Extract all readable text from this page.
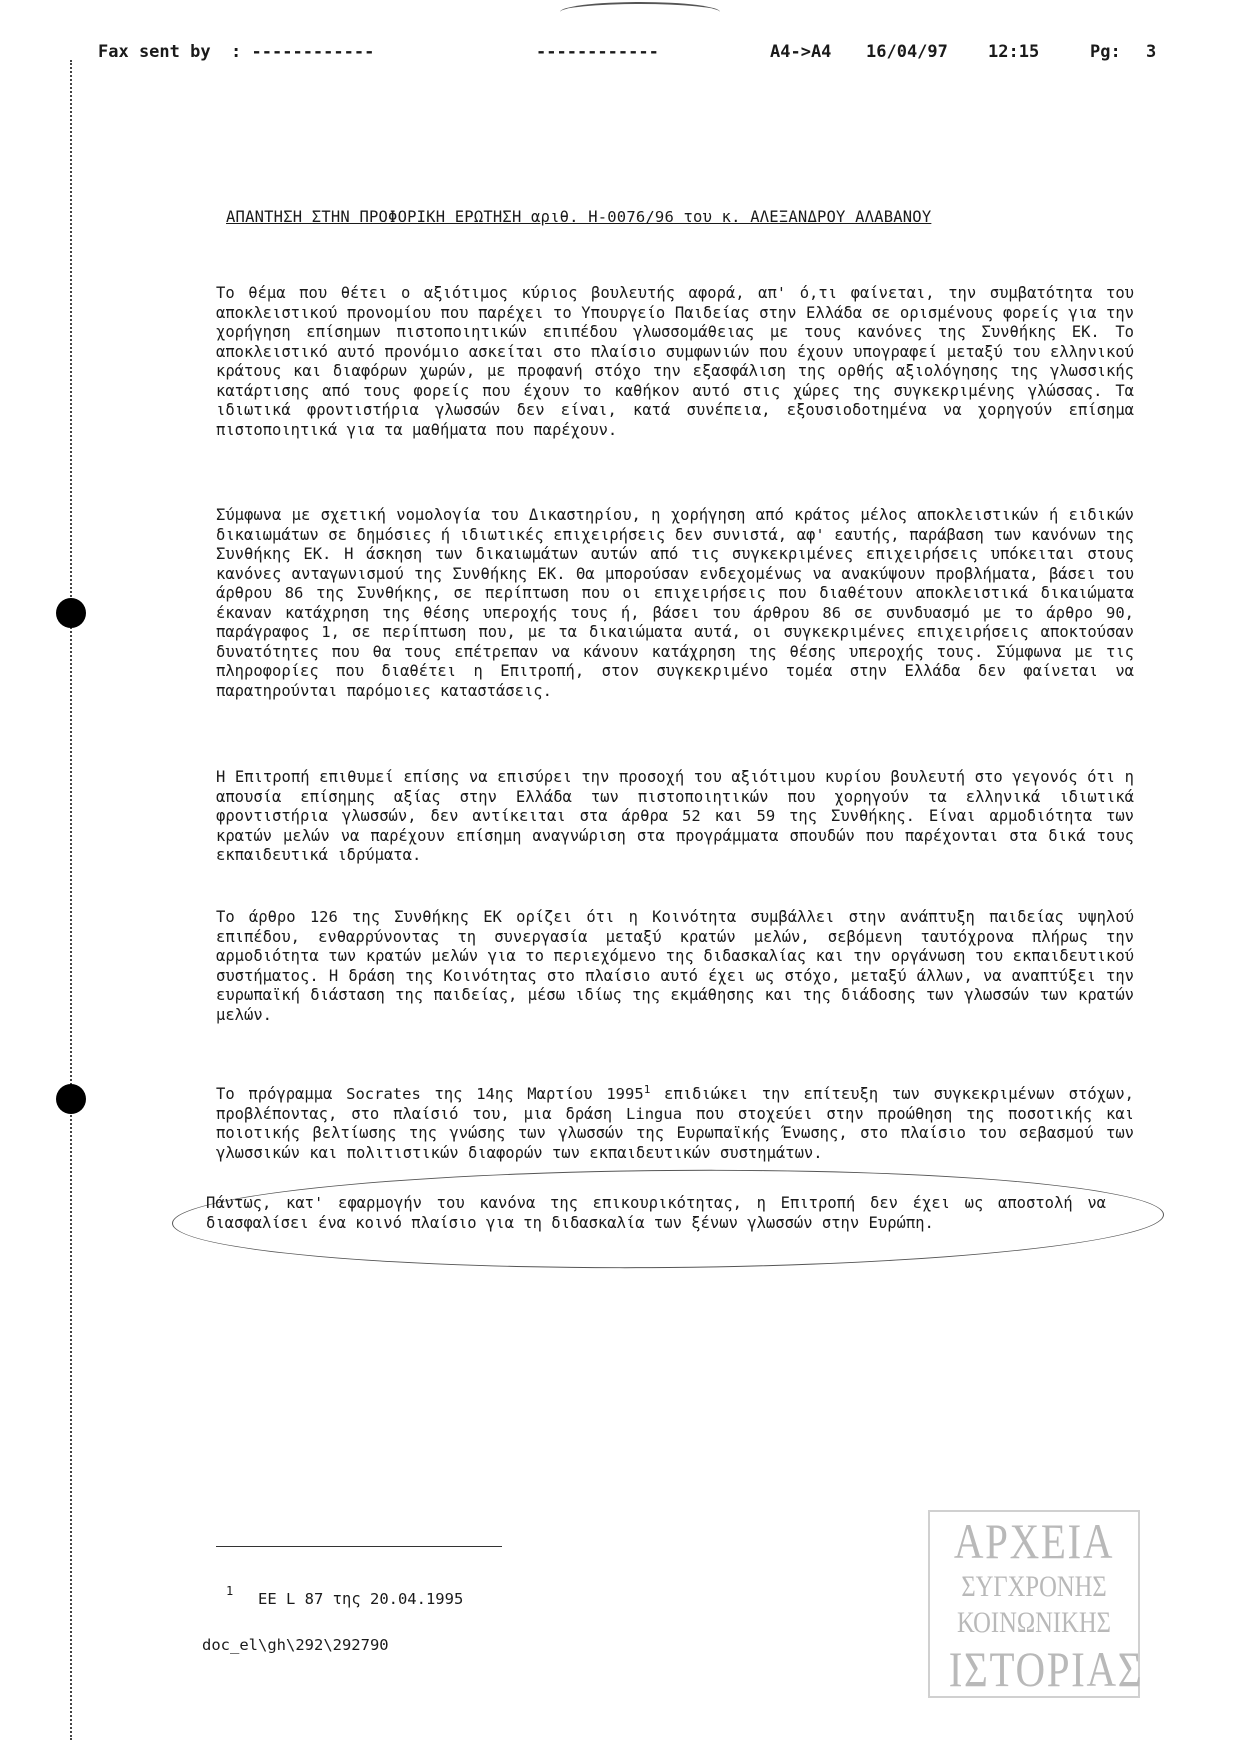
Fax sent by  : ------------

	------------

	A4->A4

16/04/97

12:15

	Pg:

3

ΑΠΑΝΤΗΣΗ ΣΤΗΝ ΠΡΟΦΟΡΙΚΗ ΕΡΩΤΗΣΗ αριθ. Η-0076/96 του κ. ΑΛΕΞΑΝΔΡΟΥ ΑΛΑΒΑΝΟΥ

Το θέμα που θέτει ο αξιότιμος κύριος βουλευτής αφορά, απ' ό,τι φαίνεται, την συμβατότητα του αποκλειστικού προνομίου που παρέχει το Υπουργείο Παιδείας στην Ελλάδα σε ορισμένους φορείς για την χορήγηση επίσημων πιστοποιητικών επιπέδου γλωσσομάθειας με τους κανόνες της Συνθήκης ΕΚ. Το αποκλειστικό αυτό προνόμιο ασκείται στο πλαίσιο συμφωνιών που έχουν υπογραφεί μεταξύ του ελληνικού κράτους και διαφόρων χωρών, με προφανή στόχο την εξασφάλιση της ορθής αξιολόγησης της γλωσσικής κατάρτισης από τους φορείς που έχουν το καθήκον αυτό στις χώρες της συγκεκριμένης γλώσσας. Τα ιδιωτικά φροντιστήρια γλωσσών δεν είναι, κατά συνέπεια, εξουσιοδοτημένα να χορηγούν επίσημα πιστοποιητικά για τα μαθήματα που παρέχουν.

Σύμφωνα με σχετική νομολογία του Δικαστηρίου, η χορήγηση από κράτος μέλος αποκλειστικών ή ειδικών δικαιωμάτων σε δημόσιες ή ιδιωτικές επιχειρήσεις δεν συνιστά, αφ' εαυτής, παράβαση των κανόνων της Συνθήκης ΕΚ. Η άσκηση των δικαιωμάτων αυτών από τις συγκεκριμένες επιχειρήσεις υπόκειται στους κανόνες ανταγωνισμού της Συνθήκης ΕΚ. Θα μπορούσαν ενδεχομένως να ανακύψουν προβλήματα, βάσει του άρθρου 86 της Συνθήκης, σε περίπτωση που οι επιχειρήσεις που διαθέτουν αποκλειστικά δικαιώματα έκαναν κατάχρηση της θέσης υπεροχής τους ή, βάσει του άρθρου 86 σε συνδυασμό με το άρθρο 90, παράγραφος 1, σε περίπτωση που, με τα δικαιώματα αυτά, οι συγκεκριμένες επιχειρήσεις αποκτούσαν δυνατότητες που θα τους επέτρεπαν να κάνουν κατάχρηση της θέσης υπεροχής τους. Σύμφωνα με τις πληροφορίες που διαθέτει η Επιτροπή, στον συγκεκριμένο τομέα στην Ελλάδα δεν φαίνεται να παρατηρούνται παρόμοιες καταστάσεις.

Η Επιτροπή επιθυμεί επίσης να επισύρει την προσοχή του αξιότιμου κυρίου βουλευτή στο γεγονός ότι η απουσία επίσημης αξίας στην Ελλάδα των πιστοποιητικών που χορηγούν τα ελληνικά ιδιωτικά φροντιστήρια γλωσσών, δεν αντίκειται στα άρθρα 52 και 59 της Συνθήκης. Είναι αρμοδιότητα των κρατών μελών να παρέχουν επίσημη αναγνώριση στα προγράμματα σπουδών που παρέχονται στα δικά τους εκπαιδευτικά ιδρύματα.

Το άρθρο 126 της Συνθήκης ΕΚ ορίζει ότι η Κοινότητα συμβάλλει στην ανάπτυξη παιδείας υψηλού επιπέδου, ενθαρρύνοντας τη συνεργασία μεταξύ κρατών μελών, σεβόμενη ταυτόχρονα πλήρως την αρμοδιότητα των κρατών μελών για το περιεχόμενο της διδασκαλίας και την οργάνωση του εκπαιδευτικού συστήματος. Η δράση της Κοινότητας στο πλαίσιο αυτό έχει ως στόχο, μεταξύ άλλων, να αναπτύξει την ευρωπαϊκή διάσταση της παιδείας, μέσω ιδίως της εκμάθησης και της διάδοσης των γλωσσών των κρατών μελών.

Το πρόγραμμα Socrates της 14ης Μαρτίου 1995$^1$ επιδιώκει την επίτευξη των συγκεκριμένων στόχων, προβλέποντας, στο πλαίσιό του, μια δράση Lingua που στοχεύει στην προώθηση της ποσοτικής και ποιοτικής βελτίωσης της γνώσης των γλωσσών της Ευρωπαϊκής Ένωσης, στο πλαίσιο του σεβασμού των γλωσσικών και πολιτιστικών διαφορών των εκπαιδευτικών συστημάτων.

Πάντως, κατ' εφαρμογήν του κανόνα της επικουρικότητας, η Επιτροπή δεν έχει ως αποστολή να διασφαλίσει ένα κοινό πλαίσιο για τη διδασκαλία των ξένων γλωσσών στην Ευρώπη.

1 EE L 87 της 20.04.1995
doc_el\gh\292\292790
ΑΡΧΕΙΑ
ΣΥΓΧΡΟΝΗΣ
ΚΟΙΝΩΝΙΚΗΣ
ΙΣΤΟΡΙΑΣ
